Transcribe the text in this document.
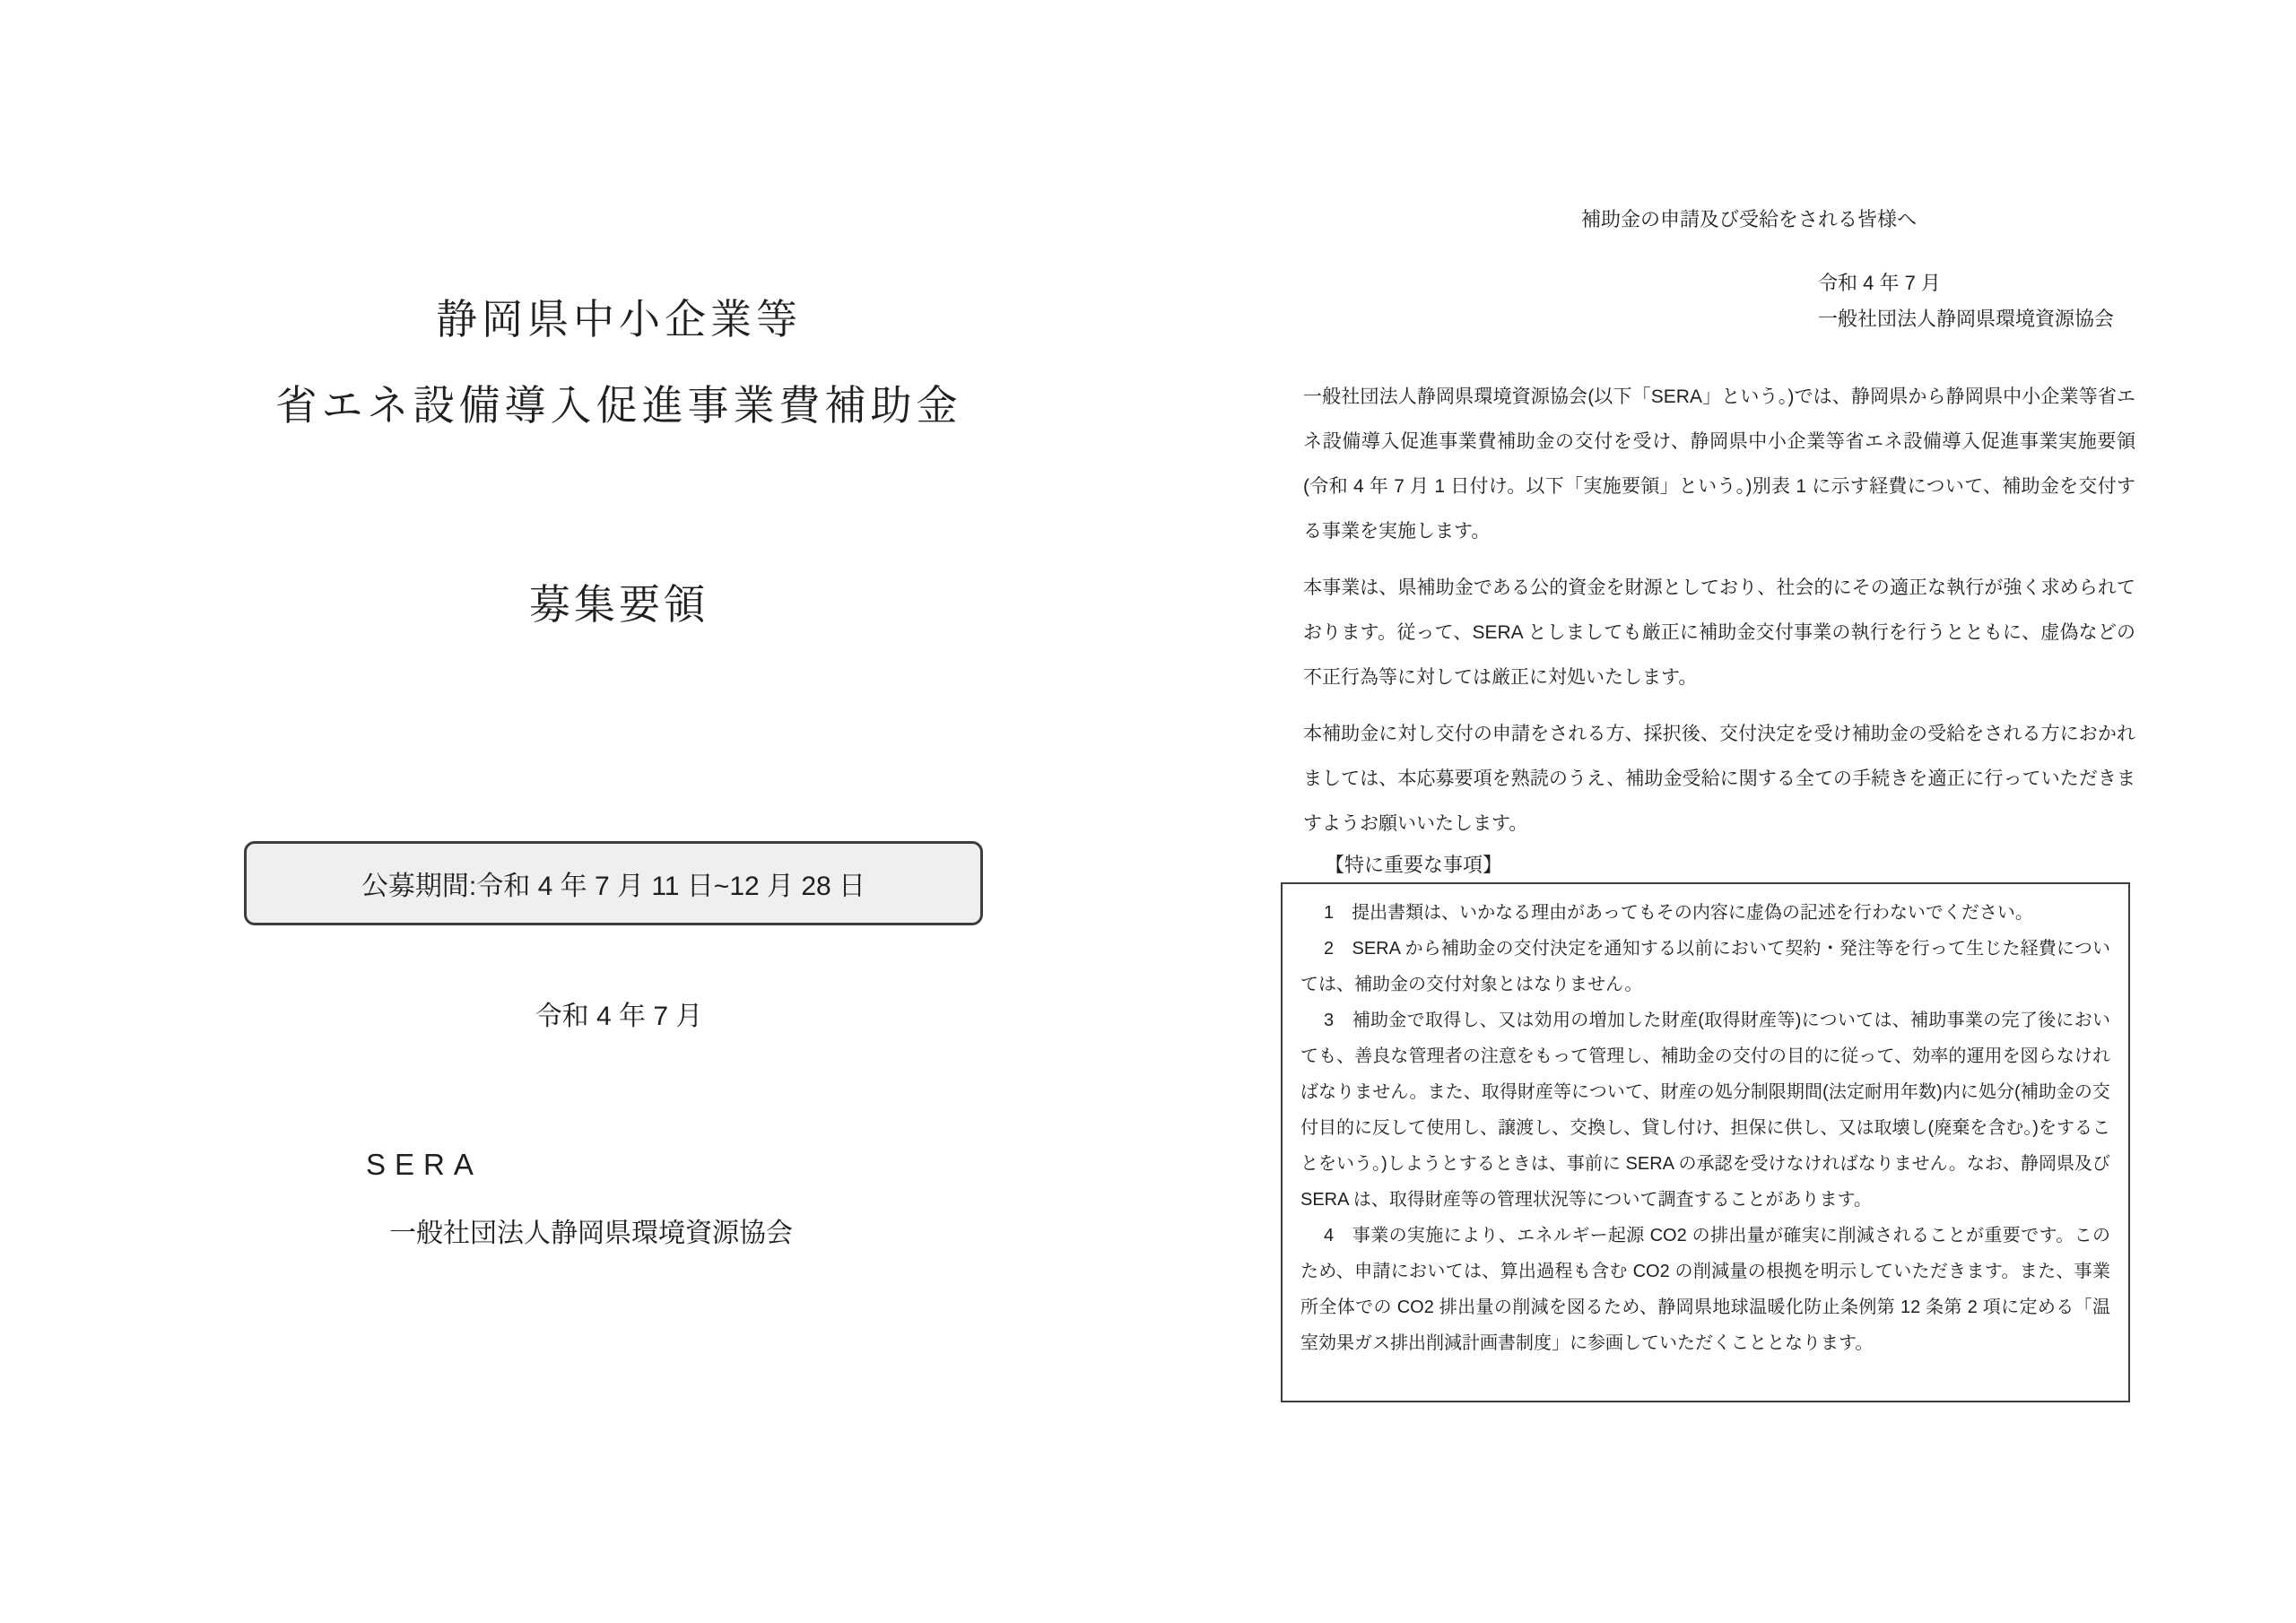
静岡県中小企業等
省エネ設備導入促進事業費補助金
募集要領
公募期間:令和 4 年 7 月 11 日~12 月 28 日
令和 4 年 7 月
SERA
一般社団法人静岡県環境資源協会
補助金の申請及び受給をされる皆様へ
令和 4 年 7 月
一般社団法人静岡県環境資源協会

一般社団法人静岡県環境資源協会(以下「SERA」という。)では、静岡県から静岡県中小企業等省エネ設備導入促進事業費補助金の交付を受け、静岡県中小企業等省エネ設備導入促進事業実施要領(令和 4 年 7 月 1 日付け。以下「実施要領」という。)別表 1 に示す経費について、補助金を交付する事業を実施します。

本事業は、県補助金である公的資金を財源としており、社会的にその適正な執行が強く求められております。従って、SERA としましても厳正に補助金交付事業の執行を行うとともに、虚偽などの不正行為等に対しては厳正に対処いたします。

本補助金に対し交付の申請をされる方、採択後、交付決定を受け補助金の受給をされる方におかれましては、本応募要項を熟読のうえ、補助金受給に関する全ての手続きを適正に行っていただきますようお願いいたします。

【特に重要な事項】

1　提出書類は、いかなる理由があってもその内容に虚偽の記述を行わないでください。

2　SERA から補助金の交付決定を通知する以前において契約・発注等を行って生じた経費については、補助金の交付対象とはなりません。

3　補助金で取得し、又は効用の増加した財産(取得財産等)については、補助事業の完了後においても、善良な管理者の注意をもって管理し、補助金の交付の目的に従って、効率的運用を図らなければなりません。また、取得財産等について、財産の処分制限期間(法定耐用年数)内に処分(補助金の交付目的に反して使用し、譲渡し、交換し、貸し付け、担保に供し、又は取壊し(廃棄を含む。)をすることをいう。)しようとするときは、事前に SERA の承認を受けなければなりません。なお、静岡県及び SERA は、取得財産等の管理状況等について調査することがあります。

4　事業の実施により、エネルギー起源 CO2 の排出量が確実に削減されることが重要です。このため、申請においては、算出過程も含む CO2 の削減量の根拠を明示していただきます。また、事業所全体での CO2 排出量の削減を図るため、静岡県地球温暖化防止条例第 12 条第 2 項に定める「温室効果ガス排出削減計画書制度」に参画していただくこととなります。
